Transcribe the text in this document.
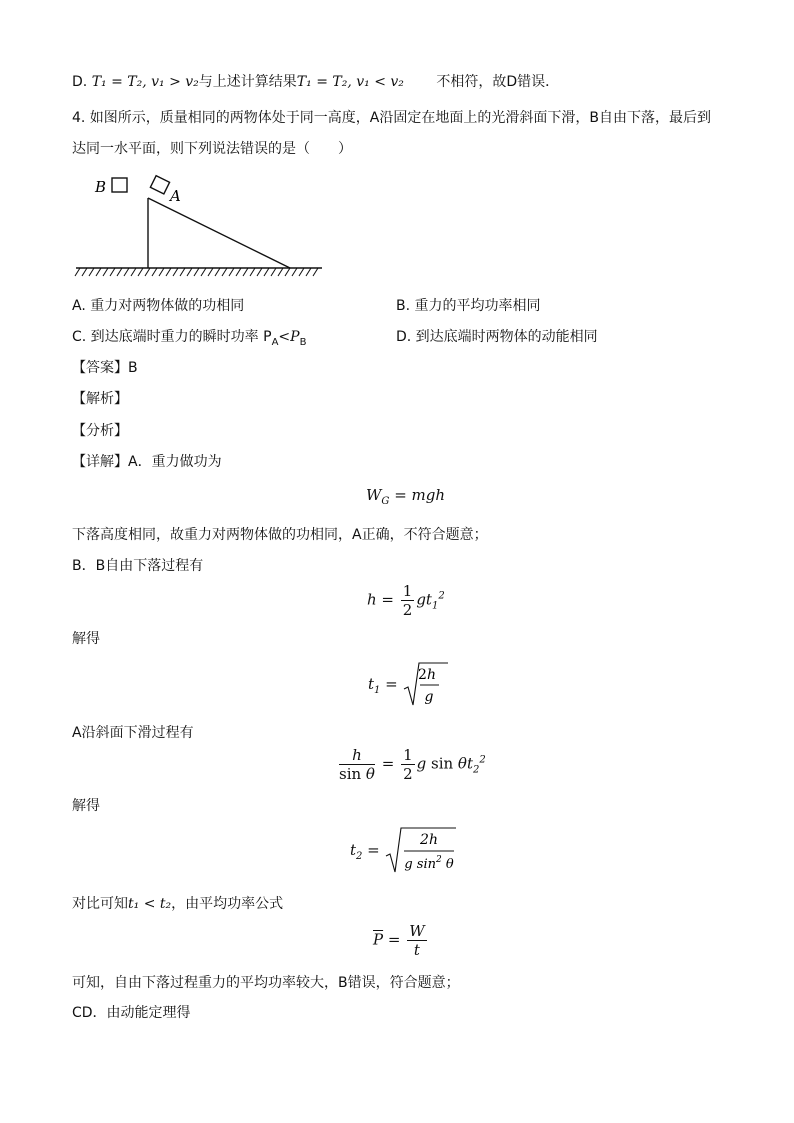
D. T₁ = T₂, v₁ > v₂与上述计算结果T₁ = T₂, v₁ < v₂ 不相符，故D错误．
4. 如图所示，质量相同的两物体处于同一高度，A沿固定在地面上的光滑斜面下滑，B自由下落，最后到
达同一水平面，则下列说法错误的是（　　）
B	A
A. 重力对两物体做的功相同	B. 重力的平均功率相同
C. 到达底端时重力的瞬时功率 $P_A<P_B$	D. 到达底端时两物体的动能相同
【答案】B
【解析】
【分析】
【详解】A．重力做功为
$W_G$ = mgh
下落高度相同，故重力对两物体做的功相同，A正确，不符合题意；
B．B自由下落过程有
$h = \frac{1}{2} gt_1^2$
解得
$t_1 = 2h$
g
A沿斜面下滑过程有
$\frac{h}{\text{sin θ}} = \frac{1}{2}$ g $\sin \theta t_2^2$
解得
$t_2$ =
2h
g $\sin^2 \theta$
对比可知t₁ < t₂，由平均功率公式
$\overline{P} = \frac{W}{t}$
可知，自由下落过程重力的平均功率较大，B错误，符合题意；
CD．由动能定理得
